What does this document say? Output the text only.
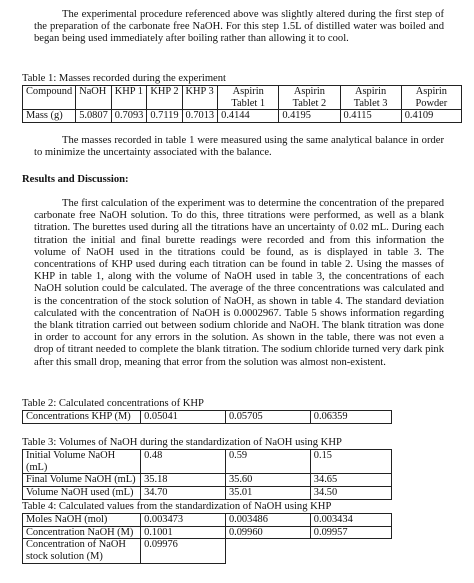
The experimental procedure referenced above was slightly altered during the first step of the preparation of the carbonate free NaOH. For this step 1.5L of distilled water was boiled and began being used immediately after boiling rather than allowing it to cool.

Table 1: Masses recorded during the experiment
Compound	NaOH	KHP 1	KHP 2	KHP 3	Aspirin Tablet 1	Aspirin Tablet 2	Aspirin Tablet 3	Aspirin Powder
Mass (g)	5.0807	0.7093	0.7119	0.7013	0.4144	0.4195	0.4115	0.4109

The masses recorded in table 1 were measured using the same analytical balance in order to minimize the uncertainty associated with the balance.

Results and Discussion:

The first calculation of the experiment was to determine the concentration of the prepared carbonate free NaOH solution. To do this, three titrations were performed, as well as a blank titration. The burettes used during all the titrations have an uncertainty of 0.02 mL. During each titration the initial and final burette readings were recorded and from this information the volume of NaOH used in the titrations could be found, as is displayed in table 3. The concentrations of KHP used during each titration can be found in table 2. Using the masses of KHP in table 1, along with the volume of NaOH used in table 3, the concentrations of each NaOH solution could be calculated. The average of the three concentrations was calculated and is the concentration of the stock solution of NaOH, as shown in table 4. The standard deviation calculated with the concentration of NaOH is 0.0002967. Table 5 shows information regarding the blank titration carried out between sodium chloride and NaOH. The blank titration was done in order to account for any errors in the solution. As shown in the table, there was not even a drop of titrant needed to complete the blank titration. The sodium chloride turned very dark pink after this small drop, meaning that error from the solution was almost non-existent.

Table 2: Calculated concentrations of KHP
Concentrations KHP (M)	0.05041	0.05705	0.06359
Table 3: Volumes of NaOH during the standardization of NaOH using KHP
Initial Volume NaOH (mL)	0.48	0.59	0.15
Final Volume NaOH (mL)	35.18	35.60	34.65
Volume NaOH used (mL)	34.70	35.01	34.50
Table 4: Calculated values from the standardization of NaOH using KHP
Moles NaOH (mol)	0.003473	0.003486	0.003434
Concentration NaOH (M)	0.1001	0.09960	0.09957
Concentration of NaOH stock solution (M)	0.09976		
